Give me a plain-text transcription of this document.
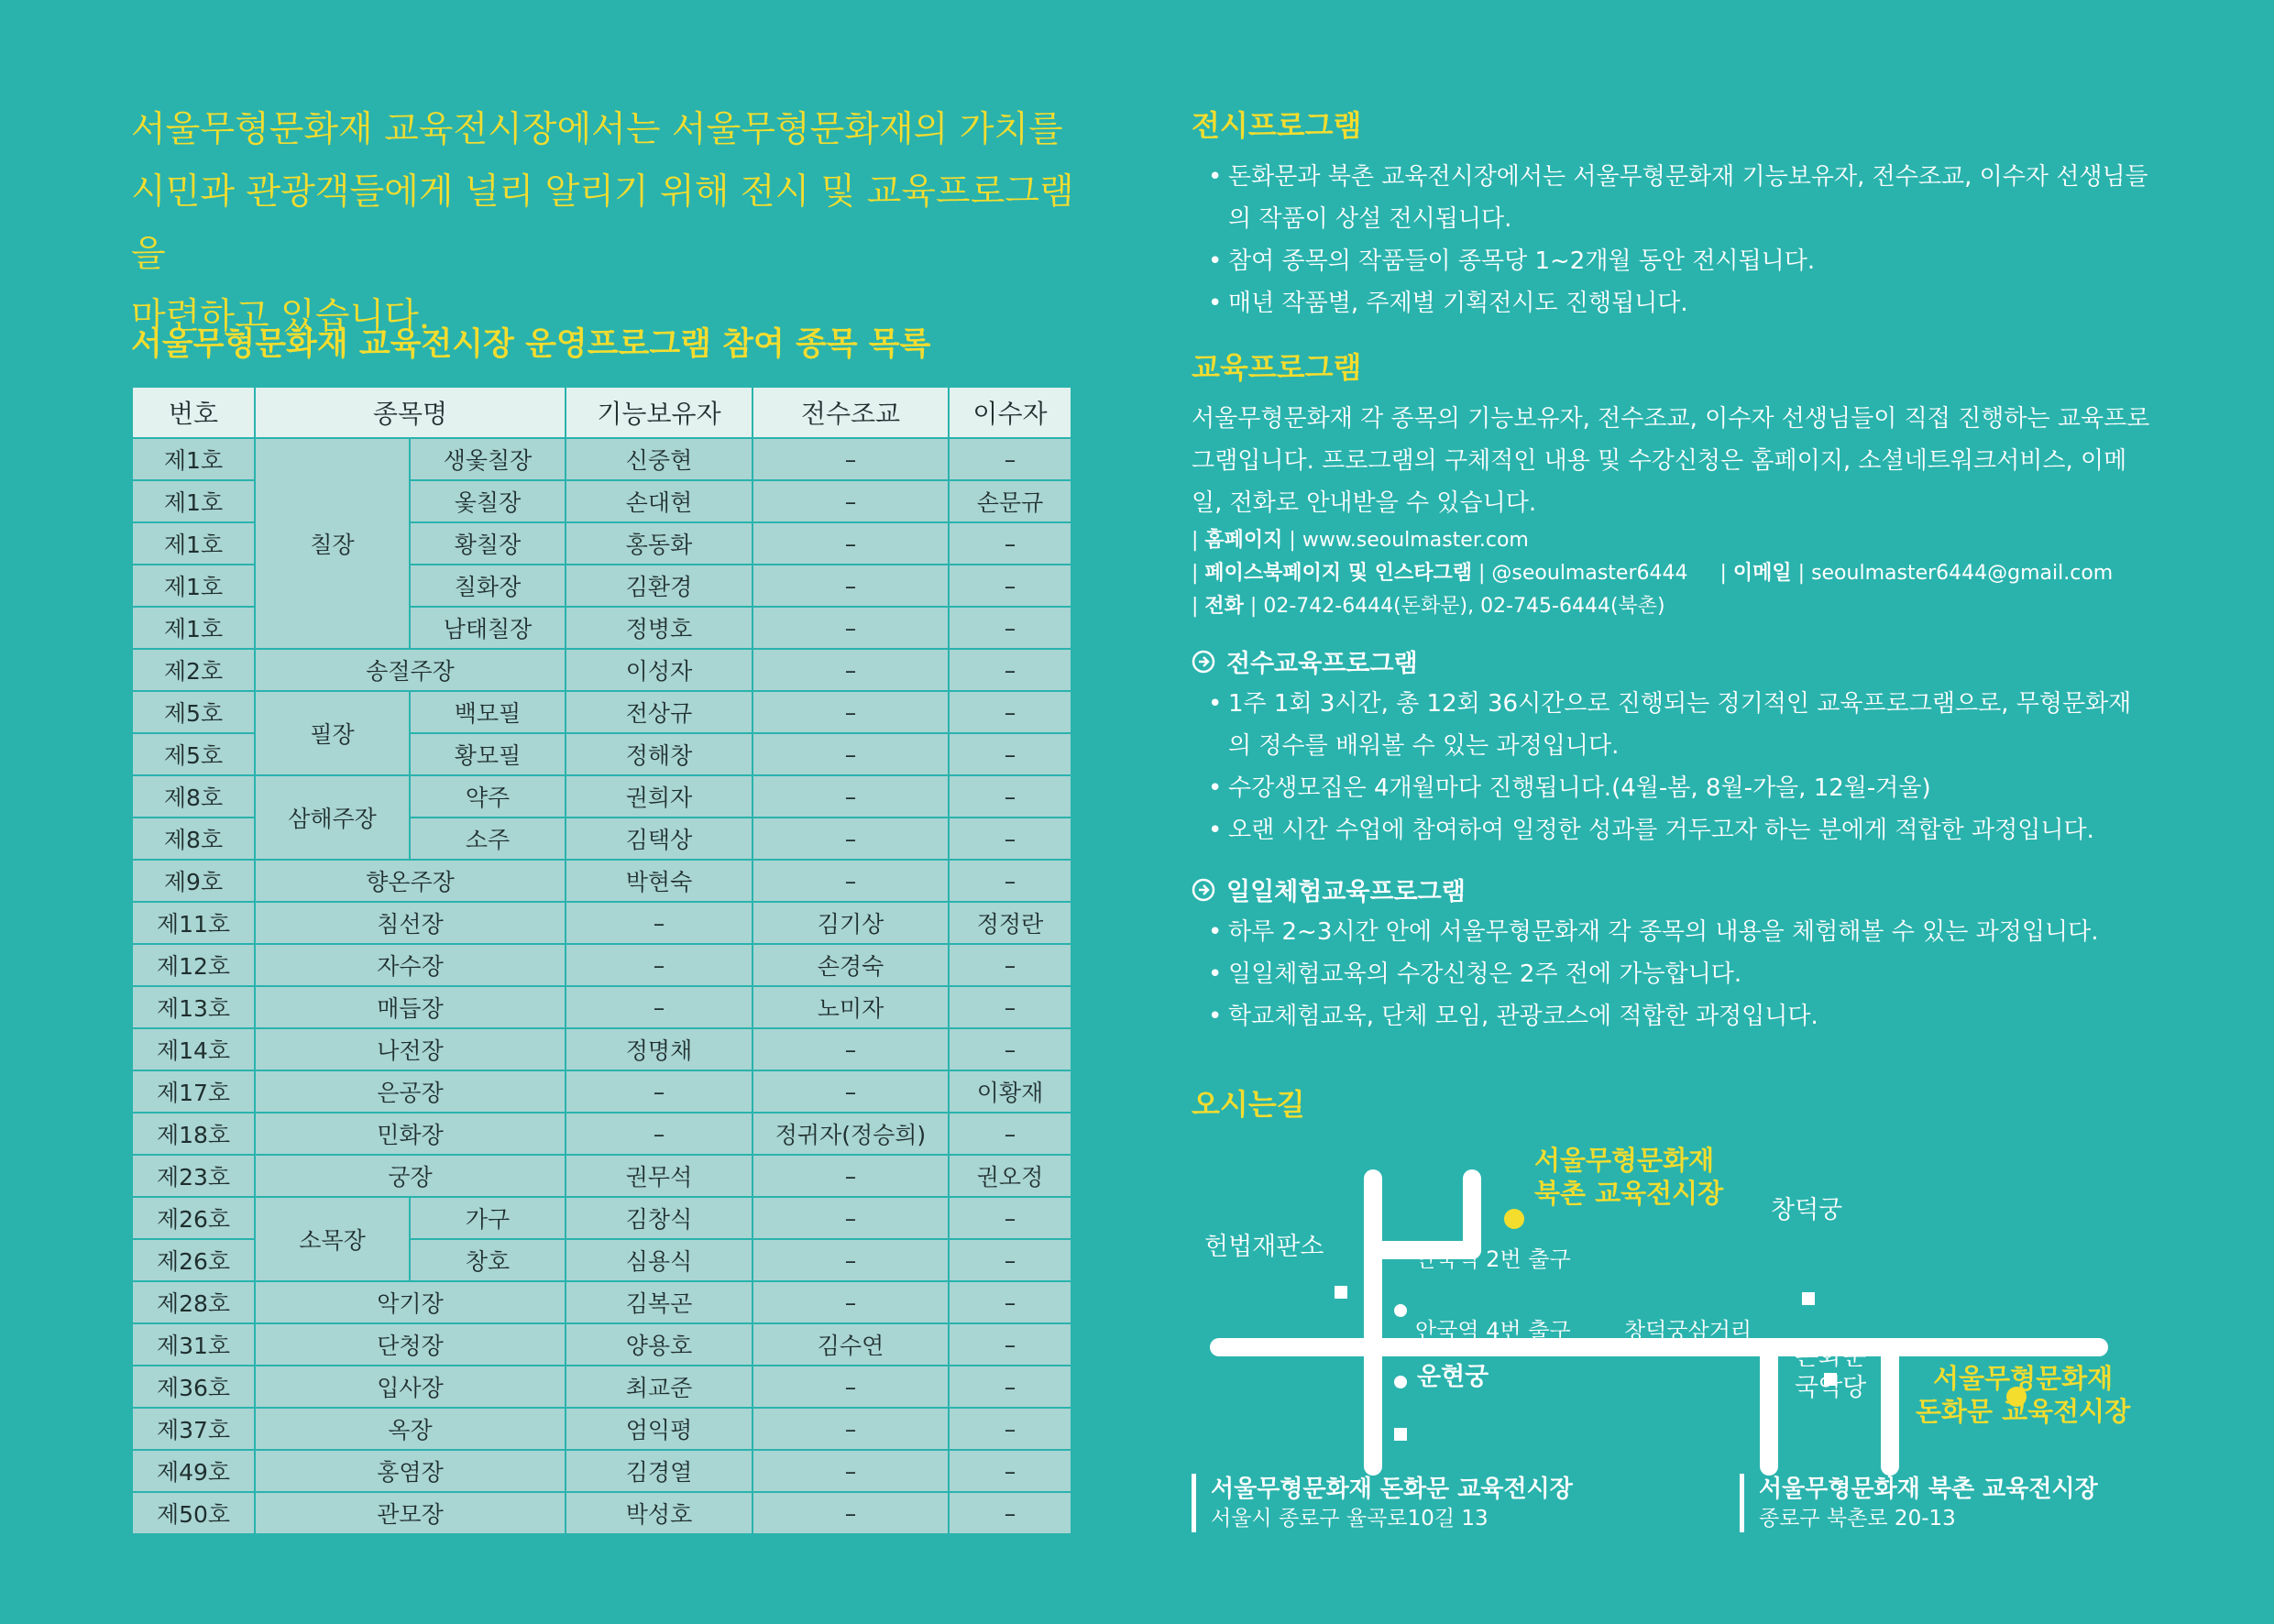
서울무형문화재 교육전시장에서는 서울무형문화재의 가치를

시민과 관광객들에게 널리 알리기 위해 전시 및 교육프로그램을

마련하고 있습니다.

서울무형문화재 교육전시장 운영프로그램 참여 종목 목록
번호	종목명		기능보유자	전수조교	이수자
제1호	칠장	생옻칠장	신중현	–	–
제1호		옻칠장	손대현	–	손문규
제1호		황칠장	홍동화	–	–
제1호		칠화장	김환경	–	–
제1호		남태칠장	정병호	–	–
제2호	송절주장		이성자	–	–
제5호	필장	백모필	전상규	–	–
제5호		황모필	정해창	–	–
제8호	삼해주장	약주	권희자	–	–
제8호		소주	김택상	–	–
제9호	향온주장		박현숙	–	–
제11호	침선장		–	김기상	정정란
제12호	자수장		–	손경숙	–
제13호	매듭장		–	노미자	–
제14호	나전장		정명채	–	–
제17호	은공장		–	–	이황재
제18호	민화장		–	정귀자(정승희)	–
제23호	궁장		권무석	–	권오정
제26호	소목장	가구	김창식	–	–
제26호		창호	심용식	–	–
제28호	악기장		김복곤	–	–
제31호	단청장		양용호	김수연	–
제36호	입사장		최교준	–	–
제37호	옥장		엄익평	–	–
제49호	홍염장		김경열	–	–
제50호	관모장		박성호	–	–
전시프로그램

• 돈화문과 북촌 교육전시장에서는 서울무형문화재 기능보유자, 전수조교, 이수자 선생님들의 작품이 상설 전시됩니다.

• 참여 종목의 작품들이 종목당 1~2개월 동안 전시됩니다.

• 매년 작품별, 주제별 기획전시도 진행됩니다.

교육프로그램

서울무형문화재 각 종목의 기능보유자, 전수조교, 이수자 선생님들이 직접 진행하는 교육프로그램입니다. 프로그램의 구체적인 내용 및 수강신청은 홈페이지, 소셜네트워크서비스, 이메일, 전화로 안내받을 수 있습니다.

| 홈페이지 | www.seoulmaster.com

| 페이스북페이지 및 인스타그램 | @seoulmaster6444     | 이메일 | seoulmaster6444@gmail.com

| 전화 | 02-742-6444(돈화문), 02-745-6444(북촌)

전수교육프로그램

• 1주 1회 3시간, 총 12회 36시간으로 진행되는 정기적인 교육프로그램으로, 무형문화재의 정수를 배워볼 수 있는 과정입니다.

• 수강생모집은 4개월마다 진행됩니다.(4월-봄, 8월-가을, 12월-겨울)

• 오랜 시간 수업에 참여하여 일정한 성과를 거두고자 하는 분에게 적합한 과정입니다.

일일체험교육프로그램

• 하루 2~3시간 안에 서울무형문화재 각 종목의 내용을 체험해볼 수 있는 과정입니다.

• 일일체험교육의 수강신청은 2주 전에 가능합니다.

• 학교체험교육, 단체 모임, 관광코스에 적합한 과정입니다.

오시는길
서울무형문화재
북촌 교육전시장
서울무형문화재
돈화문 교육전시장
헌법재판소	안국역 2번 출구
안국역 4번 출구
운현궁
창덕궁
창덕궁삼거리
돈화문
국악당
서울무형문화재 돈화문 교육전시장
서울시 종로구 율곡로10길 13
서울무형문화재 북촌 교육전시장
종로구 북촌로 20-13
